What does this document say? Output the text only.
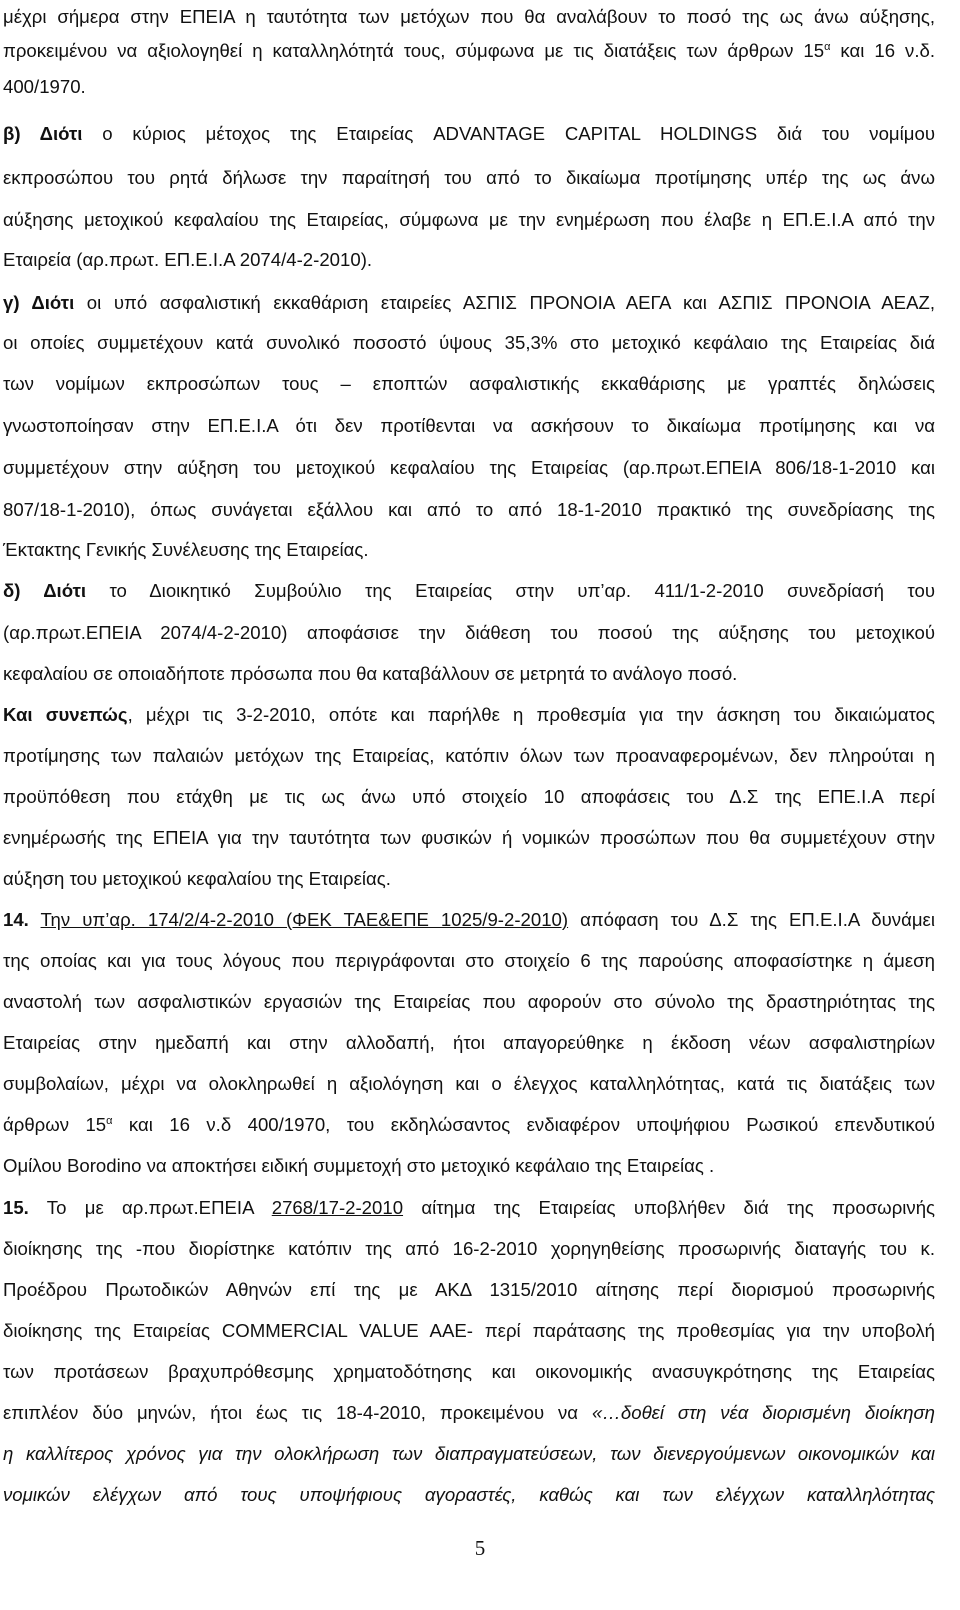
μέχρι σήμερα στην ΕΠΕΙΑ η ταυτότητα των μετόχων που θα αναλάβουν το ποσό της ως άνω αύξησης,
προκειμένου να αξιολογηθεί η καταλληλότητά τους, σύμφωνα με τις διατάξεις των άρθρων $15^\alpha$ και 16 ν.δ.
400/1970.
β) Διότι ο κύριος μέτοχος της Εταιρείας ADVANTAGE CAPITAL HOLDINGS διά του νομίμου
εκπροσώπου του ρητά δήλωσε την παραίτησή του από το δικαίωμα προτίμησης υπέρ της ως άνω
αύξησης μετοχικού κεφαλαίου της Εταιρείας, σύμφωνα με την ενημέρωση που έλαβε η ΕΠ.Ε.Ι.Α από την
Εταιρεία (αρ.πρωτ. ΕΠ.Ε.Ι.Α 2074/4-2-2010).
γ) Διότι οι υπό ασφαλιστική εκκαθάριση εταιρείες ΑΣΠΙΣ ΠΡΟΝΟΙΑ ΑΕΓΑ και ΑΣΠΙΣ ΠΡΟΝΟΙΑ ΑΕΑΖ,
οι οποίες συμμετέχουν κατά συνολικό ποσοστό ύψους 35,3% στο μετοχικό κεφάλαιο της Εταιρείας διά
των νομίμων εκπροσώπων τους – εποπτών ασφαλιστικής εκκαθάρισης με γραπτές δηλώσεις
γνωστοποίησαν στην ΕΠ.Ε.Ι.Α ότι δεν προτίθενται να ασκήσουν το δικαίωμα προτίμησης και να
συμμετέχουν στην αύξηση του μετοχικού κεφαλαίου της Εταιρείας (αρ.πρωτ.ΕΠΕΙΑ 806/18-1-2010 και
807/18-1-2010), όπως συνάγεται εξάλλου και από το από 18-1-2010 πρακτικό της συνεδρίασης της
Έκτακτης Γενικής Συνέλευσης της Εταιρείας.
δ) Διότι το Διοικητικό Συμβούλιο της Εταιρείας στην υπ’αρ. 411/1-2-2010 συνεδρίασή του
(αρ.πρωτ.ΕΠΕΙΑ 2074/4-2-2010) αποφάσισε την διάθεση του ποσού της αύξησης του μετοχικού
κεφαλαίου σε οποιαδήποτε πρόσωπα που θα καταβάλλουν σε μετρητά το ανάλογο ποσό.
Και συνεπώς, μέχρι τις 3-2-2010, οπότε και παρήλθε η προθεσμία για την άσκηση του δικαιώματος
προτίμησης των παλαιών μετόχων της Εταιρείας, κατόπιν όλων των προαναφερομένων, δεν πληρούται η
προϋπόθεση που ετάχθη με τις ως άνω υπό στοιχείο 10 αποφάσεις του Δ.Σ της ΕΠΕ.Ι.Α περί
ενημέρωσής της ΕΠΕΙΑ για την ταυτότητα των φυσικών ή νομικών προσώπων που θα συμμετέχουν στην
αύξηση του μετοχικού κεφαλαίου της Εταιρείας.
14. Την υπ’αρ. 174/2/4-2-2010 (ΦΕΚ ΤΑΕ&ΕΠΕ 1025/9-2-2010) απόφαση του Δ.Σ της ΕΠ.Ε.Ι.Α δυνάμει
της οποίας και για τους λόγους που περιγράφονται στο στοιχείο 6 της παρούσης αποφασίστηκε η άμεση
αναστολή των ασφαλιστικών εργασιών της Εταιρείας που αφορούν στο σύνολο της δραστηριότητας της
Εταιρείας στην ημεδαπή και στην αλλοδαπή, ήτοι απαγορεύθηκε η έκδοση νέων ασφαλιστηρίων
συμβολαίων, μέχρι να ολοκληρωθεί η αξιολόγηση και ο έλεγχος καταλληλότητας, κατά τις διατάξεις των
άρθρων $15^\alpha$ και 16 ν.δ 400/1970, του εκδηλώσαντος ενδιαφέρον υποψήφιου Ρωσικού επενδυτικού
Ομίλου Borodino να αποκτήσει ειδική συμμετοχή στο μετοχικό κεφάλαιο της Εταιρείας .
15. Το με αρ.πρωτ.ΕΠΕΙΑ 2768/17-2-2010 αίτημα της Εταιρείας υποβλήθεν διά της προσωρινής
διοίκησης της -που διορίστηκε κατόπιν της από 16-2-2010 χορηγηθείσης προσωρινής διαταγής του κ.
Προέδρου Πρωτοδικών Αθηνών επί της με ΑΚΔ 1315/2010 αίτησης περί διορισμού προσωρινής
διοίκησης της Εταιρείας COMMERCIAL VALUE AAE- περί παράτασης της προθεσμίας για την υποβολή
των προτάσεων βραχυπρόθεσμης χρηματοδότησης και οικονομικής ανασυγκρότησης της Εταιρείας
επιπλέον δύο μηνών, ήτοι έως τις 18-4-2010, προκειμένου να «…δοθεί στη νέα διορισμένη διοίκηση
η καλλίτερος χρόνος για την ολοκλήρωση των διαπραγματεύσεων, των διενεργούμενων οικονομικών και
νομικών ελέγχων από τους υποψήφιους αγοραστές, καθώς και των ελέγχων καταλληλότητας
5
